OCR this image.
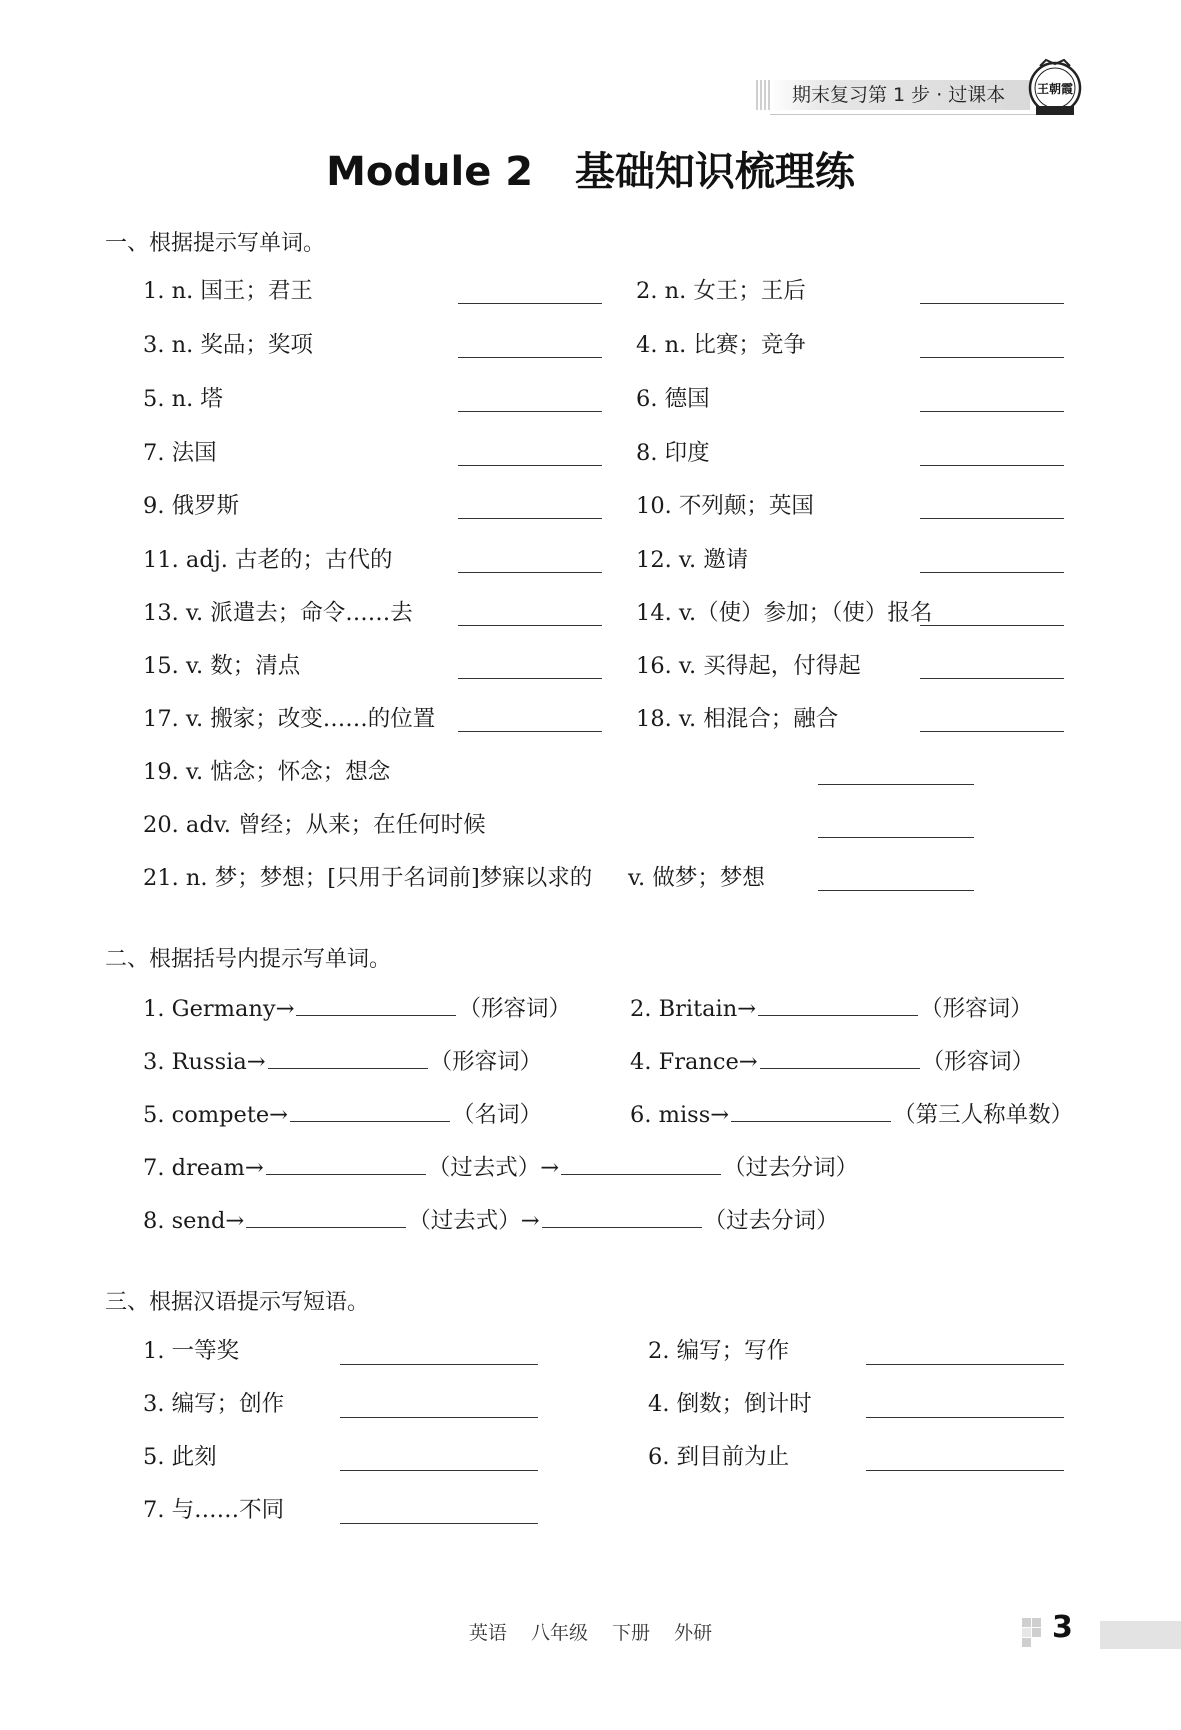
期末复习第 1 步 · 过课本	王朝霞
Module 2   基础知识梳理练
一、根据提示写单词。
1. n. 国王；君王	2. n. 女王；王后
3. n. 奖品；奖项	4. n. 比赛；竞争
5. n. 塔	6. 德国
7. 法国	8. 印度
9. 俄罗斯	10. 不列颠；英国
11. adj. 古老的；古代的	12. v. 邀请
13. v. 派遣去；命令……去	14. v.（使）参加；（使）报名
15. v. 数；清点	16. v. 买得起，付得起
17. v. 搬家；改变……的位置	18. v. 相混合；融合
19. v. 惦念；怀念；想念
20. adv. 曾经；从来；在任何时候
21. n. 梦；梦想；[只用于名词前]梦寐以求的 v. 做梦；梦想
二、根据括号内提示写单词。
1. Germany→	（形容词）	2. Britain→	（形容词）
3. Russia→	（形容词）	4. France→	（形容词）
5. compete→	（名词）	6. miss→	（第三人称单数）
7. dream→	（过去式）→	（过去分词）
8. send→	（过去式）→	（过去分词）
三、根据汉语提示写短语。
1. 一等奖	2. 编写；写作
3. 编写；创作	4. 倒数；倒计时
5. 此刻	6. 到目前为止
7. 与……不同
英语 八年级 下册 外研	3
